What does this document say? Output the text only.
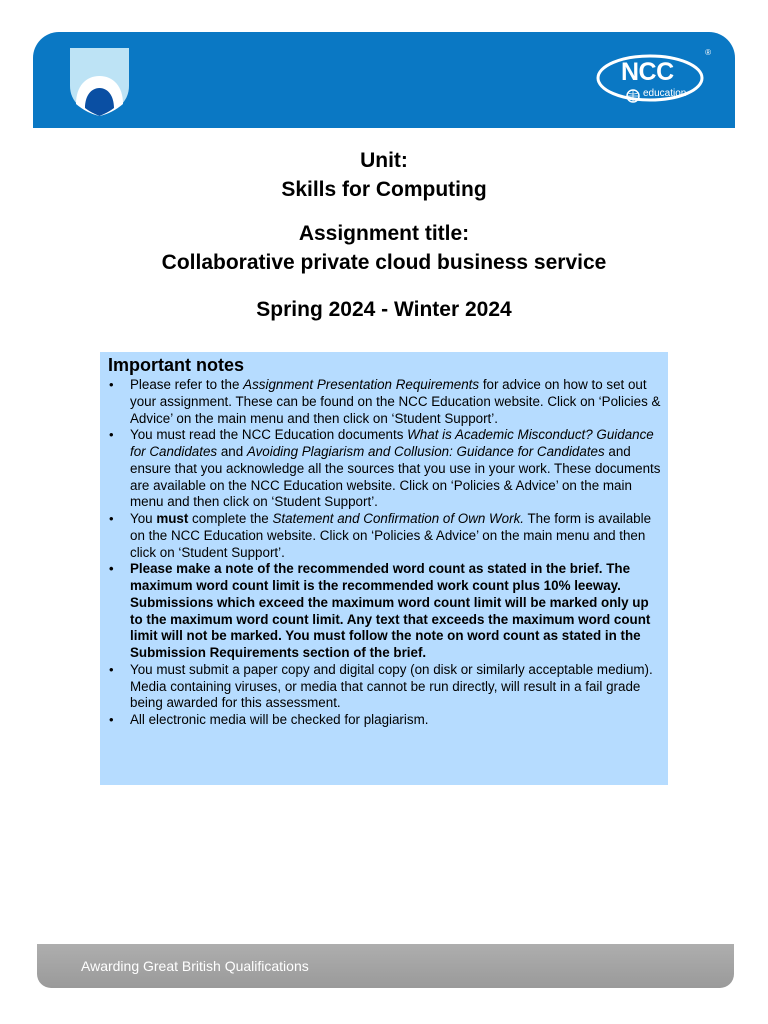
NCC
education
®

Unit:

Skills for Computing

Assignment title:

Collaborative private cloud business service

Spring 2024 - Winter 2024

Important notes
• Please refer to the Assignment Presentation Requirements for advice on how to set out your assignment. These can be found on the NCC Education website. Click on ‘Policies & Advice’ on the main menu and then click on ‘Student Support’.
• You must read the NCC Education documents What is Academic Misconduct? Guidance for Candidates and Avoiding Plagiarism and Collusion: Guidance for Candidates and ensure that you acknowledge all the sources that you use in your work. These documents are available on the NCC Education website. Click on ‘Policies & Advice’ on the main menu and then click on ‘Student Support’.
• You must complete the Statement and Confirmation of Own Work. The form is available on the NCC Education website. Click on ‘Policies & Advice’ on the main menu and then click on ‘Student Support’.
• Please make a note of the recommended word count as stated in the brief. The maximum word count limit is the recommended work count plus 10% leeway. Submissions which exceed the maximum word count limit will be marked only up to the maximum word count limit. Any text that exceeds the maximum word count limit will not be marked. You must follow the note on word count as stated in the Submission Requirements section of the brief.
• You must submit a paper copy and digital copy (on disk or similarly acceptable medium). Media containing viruses, or media that cannot be run directly, will result in a fail grade being awarded for this assessment.
• All electronic media will be checked for plagiarism.
Awarding Great British Qualifications
